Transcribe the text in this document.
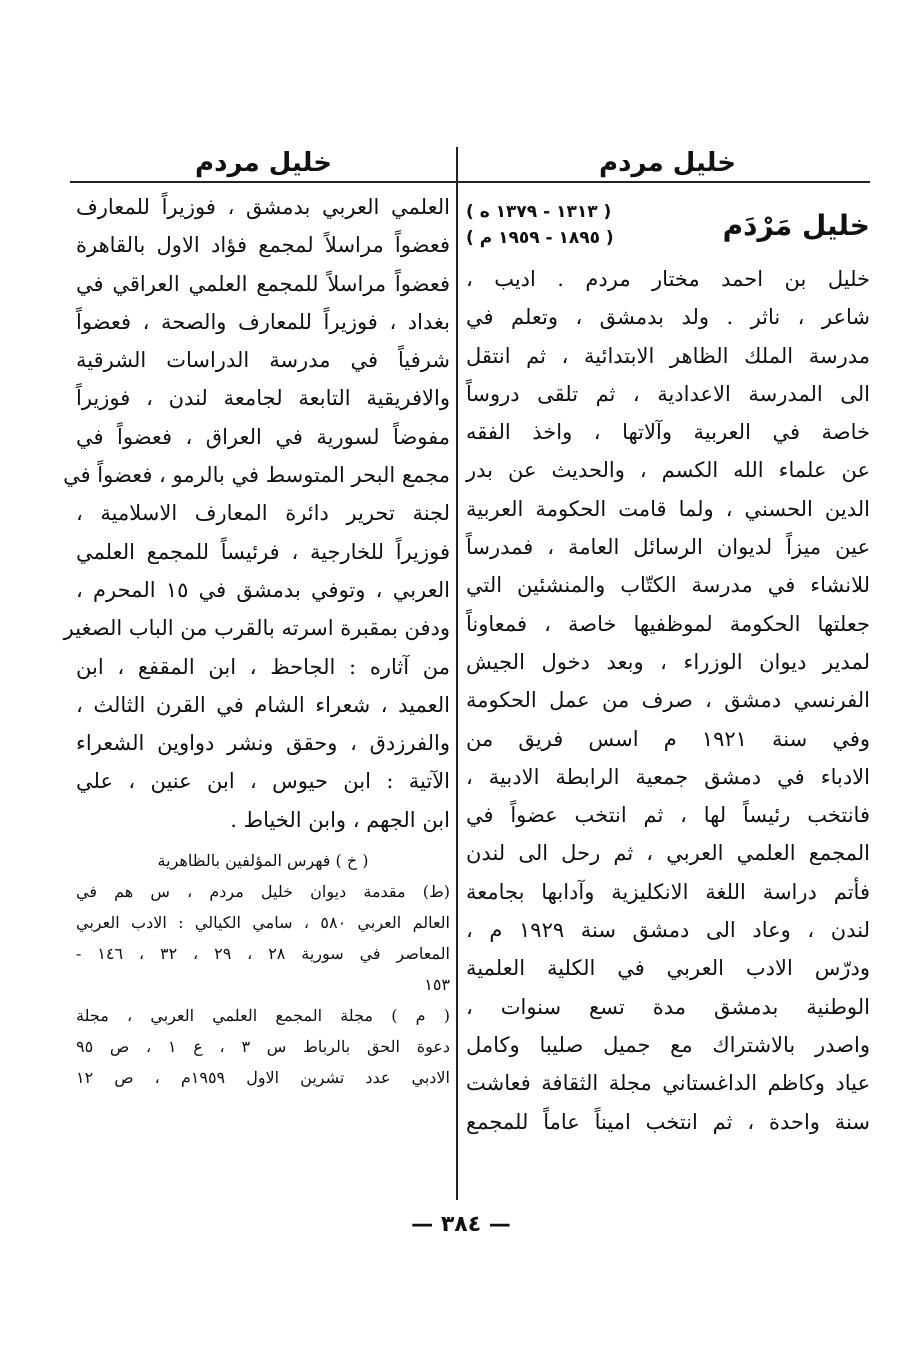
خليل مردم
خليل مردم
خليل مَرْدَم
( ١٣١٣ - ١٣٧٩ ه )
( ١٨٩٥ - ١٩٥٩ م )
خليل بن احمد مختار مردم . اديب ،
شاعر ، ناثر . ولد بدمشق ، وتعلم في
مدرسة الملك الظاهر الابتدائية ، ثم انتقل
الى المدرسة الاعدادية ، ثم تلقى دروساً
خاصة في العربية وآلاتها ، واخذ الفقه
عن علماء الله الكسم ، والحديث عن بدر
الدين الحسني ، ولما قامت الحكومة العربية
عين ميزاً لديوان الرسائل العامة ، فمدرساً
للانشاء في مدرسة الكتّاب والمنشئين التي
جعلتها الحكومة لموظفيها خاصة ، فمعاوناً
لمدير ديوان الوزراء ، وبعد دخول الجيش
الفرنسي دمشق ، صرف من عمل الحكومة
وفي سنة ١٩٢١ م اسس فريق من
الادباء في دمشق جمعية الرابطة الادبية ،
فانتخب رئيساً لها ، ثم انتخب عضواً في
المجمع العلمي العربي ، ثم رحل الى لندن
فأتم دراسة اللغة الانكليزية وآدابها بجامعة
لندن ، وعاد الى دمشق سنة ١٩٢٩ م ،
ودرّس الادب العربي في الكلية العلمية
الوطنية بدمشق مدة تسع سنوات ،
واصدر بالاشتراك مع جميل صليبا وكامل
عياد وكاظم الداغستاني مجلة الثقافة فعاشت
سنة واحدة ، ثم انتخب اميناً عاماً للمجمع
العلمي العربي بدمشق ، فوزيراً للمعارف
فعضواً مراسلاً لمجمع فؤاد الاول بالقاهرة
فعضواً مراسلاً للمجمع العلمي العراقي في
بغداد ، فوزيراً للمعارف والصحة ، فعضواً
شرفياً في مدرسة الدراسات الشرقية
والافريقية التابعة لجامعة لندن ، فوزيراً
مفوضاً لسورية في العراق ، فعضواً في
مجمع البحر المتوسط في بالرمو ، فعضواً في
لجنة تحرير دائرة المعارف الاسلامية ،
فوزيراً للخارجية ، فرئيساً للمجمع العلمي
العربي ، وتوفي بدمشق في ١٥ المحرم ،
ودفن بمقبرة اسرته بالقرب من الباب الصغير
من آثاره : الجاحظ ، ابن المقفع ، ابن
العميد ، شعراء الشام في القرن الثالث ،
والفرزدق ، وحقق ونشر دواوين الشعراء
الآتية : ابن حيوس ، ابن عنين ، علي
ابن الجهم ، وابن الخياط .
( خ ) فهرس المؤلفين بالظاهرية
(ط) مقدمة ديوان خليل مردم ، س هم في
العالم العربي ٥٨٠ ، سامي الكيالي : الادب العربي
المعاصر في سورية ٢٨ ، ٢٩ ، ٣٢ ، ١٤٦ -
١٥٣
( م ) مجلة المجمع العلمي العربي ، مجلة
دعوة الحق بالرباط س ٣ ، ع ١ ، ص ٩٥
الادبي عدد تشرين الاول ١٩٥٩م ، ص ١٢
— ٣٨٤ —
